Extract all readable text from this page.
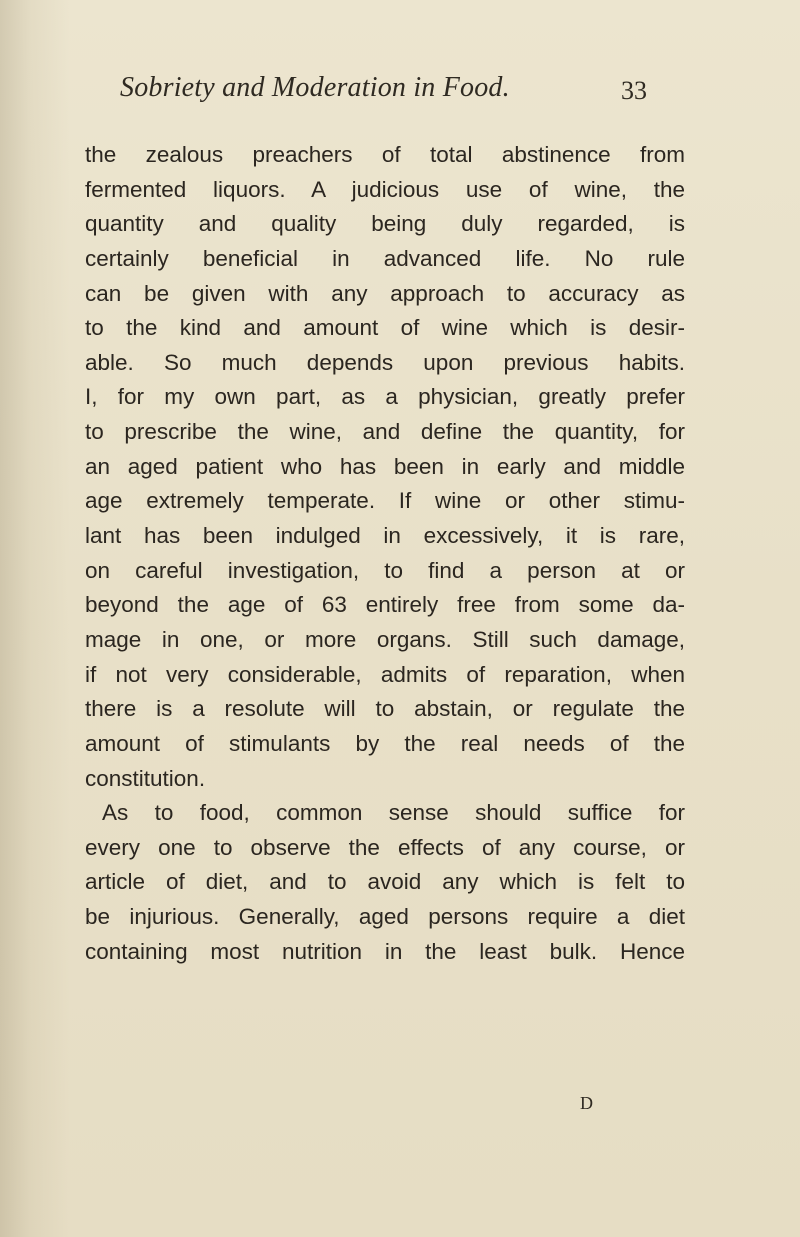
Sobriety and Moderation in Food.	33
the zealous preachers of total abstinence from
fermented liquors. A judicious use of wine, the
quantity and quality being duly regarded, is
certainly beneficial in advanced life. No rule
can be given with any approach to accuracy as
to the kind and amount of wine which is desir-
able. So much depends upon previous habits.
I, for my own part, as a physician, greatly prefer
to prescribe the wine, and define the quantity, for
an aged patient who has been in early and middle
age extremely temperate. If wine or other stimu-
lant has been indulged in excessively, it is rare,
on careful investigation, to find a person at or
beyond the age of 63 entirely free from some da-
mage in one, or more organs. Still such damage,
if not very considerable, admits of reparation, when
there is a resolute will to abstain, or regulate the
amount of stimulants by the real needs of the
constitution.
As to food, common sense should suffice for
every one to observe the effects of any course, or
article of diet, and to avoid any which is felt to
be injurious. Generally, aged persons require a diet
containing most nutrition in the least bulk. Hence
D
